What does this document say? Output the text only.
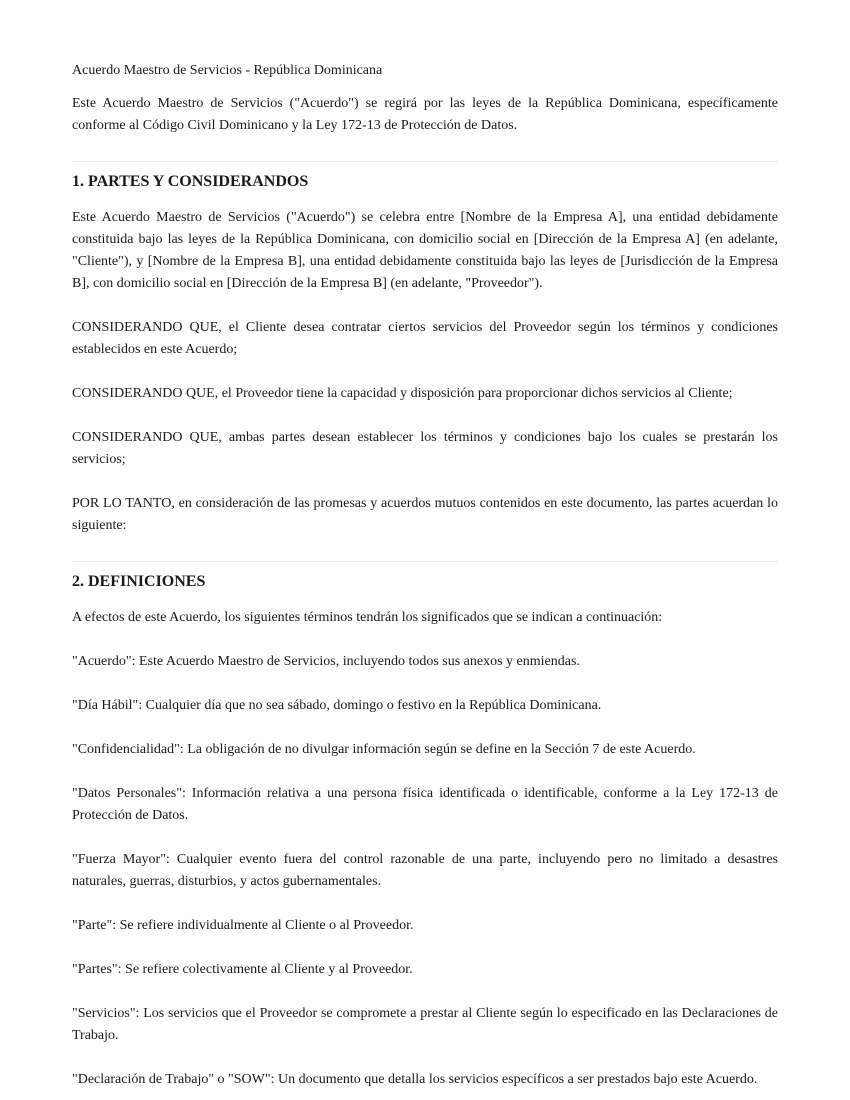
Acuerdo Maestro de Servicios - República Dominicana

Este Acuerdo Maestro de Servicios ("Acuerdo") se regirá por las leyes de la República Dominicana, específicamente conforme al Código Civil Dominicano y la Ley 172-13 de Protección de Datos.

1. PARTES Y CONSIDERANDOS

Este Acuerdo Maestro de Servicios ("Acuerdo") se celebra entre [Nombre de la Empresa A], una entidad debidamente constituida bajo las leyes de la República Dominicana, con domicilio social en [Dirección de la Empresa A] (en adelante, "Cliente"), y [Nombre de la Empresa B], una entidad debidamente constituida bajo las leyes de [Jurisdicción de la Empresa B], con domicilio social en [Dirección de la Empresa B] (en adelante, "Proveedor").

CONSIDERANDO QUE, el Cliente desea contratar ciertos servicios del Proveedor según los términos y condiciones establecidos en este Acuerdo;

CONSIDERANDO QUE, el Proveedor tiene la capacidad y disposición para proporcionar dichos servicios al Cliente;

CONSIDERANDO QUE, ambas partes desean establecer los términos y condiciones bajo los cuales se prestarán los servicios;

POR LO TANTO, en consideración de las promesas y acuerdos mutuos contenidos en este documento, las partes acuerdan lo siguiente:

2. DEFINICIONES

A efectos de este Acuerdo, los siguientes términos tendrán los significados que se indican a continuación:

"Acuerdo": Este Acuerdo Maestro de Servicios, incluyendo todos sus anexos y enmiendas.

"Día Hábil": Cualquier día que no sea sábado, domingo o festivo en la República Dominicana.

"Confidencialidad": La obligación de no divulgar información según se define en la Sección 7 de este Acuerdo.

"Datos Personales": Información relativa a una persona física identificada o identificable, conforme a la Ley 172-13 de Protección de Datos.

"Fuerza Mayor": Cualquier evento fuera del control razonable de una parte, incluyendo pero no limitado a desastres naturales, guerras, disturbios, y actos gubernamentales.

"Parte": Se refiere individualmente al Cliente o al Proveedor.

"Partes": Se refiere colectivamente al Cliente y al Proveedor.

"Servicios": Los servicios que el Proveedor se compromete a prestar al Cliente según lo especificado en las Declaraciones de Trabajo.

"Declaración de Trabajo" o "SOW": Un documento que detalla los servicios específicos a ser prestados bajo este Acuerdo.
